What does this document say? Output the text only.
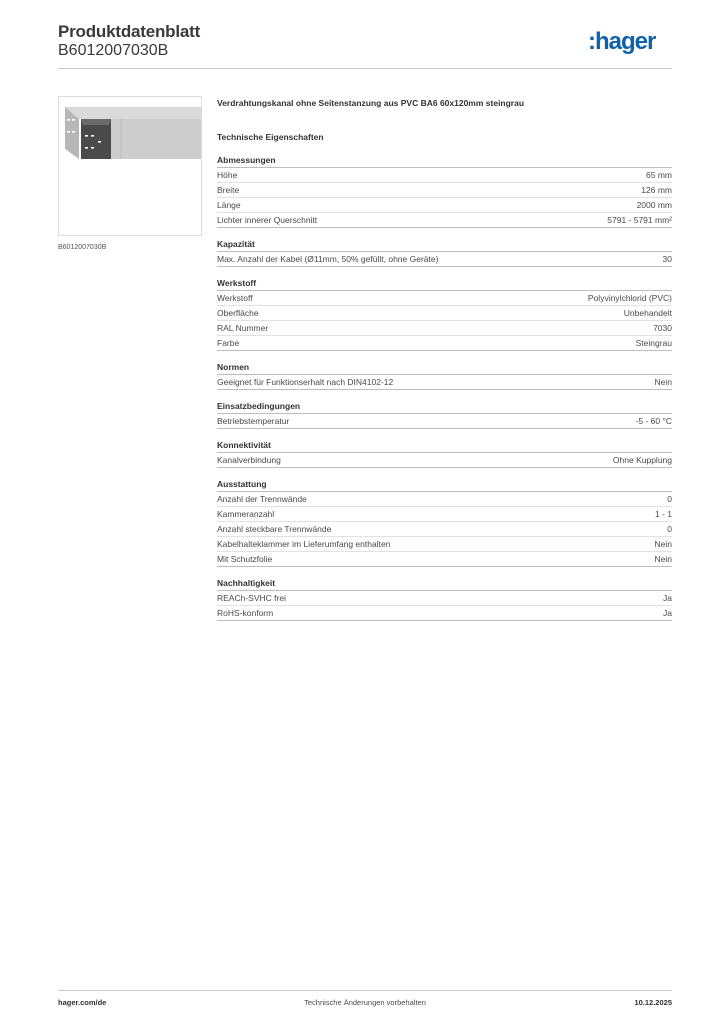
Produktdatenblatt
B6012007030B	:hager
B6012007030B
Verdrahtungskanal ohne Seitenstanzung aus PVC BA6 60x120mm steingrau
Technische Eigenschaften
Abmessungen
Höhe	65 mm
Breite	126 mm
Länge	2000 mm
Lichter innerer Querschnitt	5791 - 5791 mm²
Kapazität
Max. Anzahl der Kabel (Ø11mm, 50% gefüllt, ohne Geräte)	30
Werkstoff
Werkstoff	Polyvinylchlorid (PVC)
Oberfläche	Unbehandelt
RAL Nummer	7030
Farbe	Steingrau
Normen
Geeignet für Funktionserhalt nach DIN4102-12	Nein
Einsatzbedingungen
Betriebstemperatur	-5 - 60 °C
Konnektivität
Kanalverbindung	Ohne Kupplung
Ausstattung
Anzahl der Trennwände	0
Kammeranzahl	1 - 1
Anzahl steckbare Trennwände	0
Kabelhalteklammer im Lieferumfang enthalten	Nein
Mit Schutzfolie	Nein
Nachhaltigkeit
REACh-SVHC frei	Ja
RoHS-konform	Ja
hager.com/de	Technische Änderungen vorbehalten	10.12.2025
